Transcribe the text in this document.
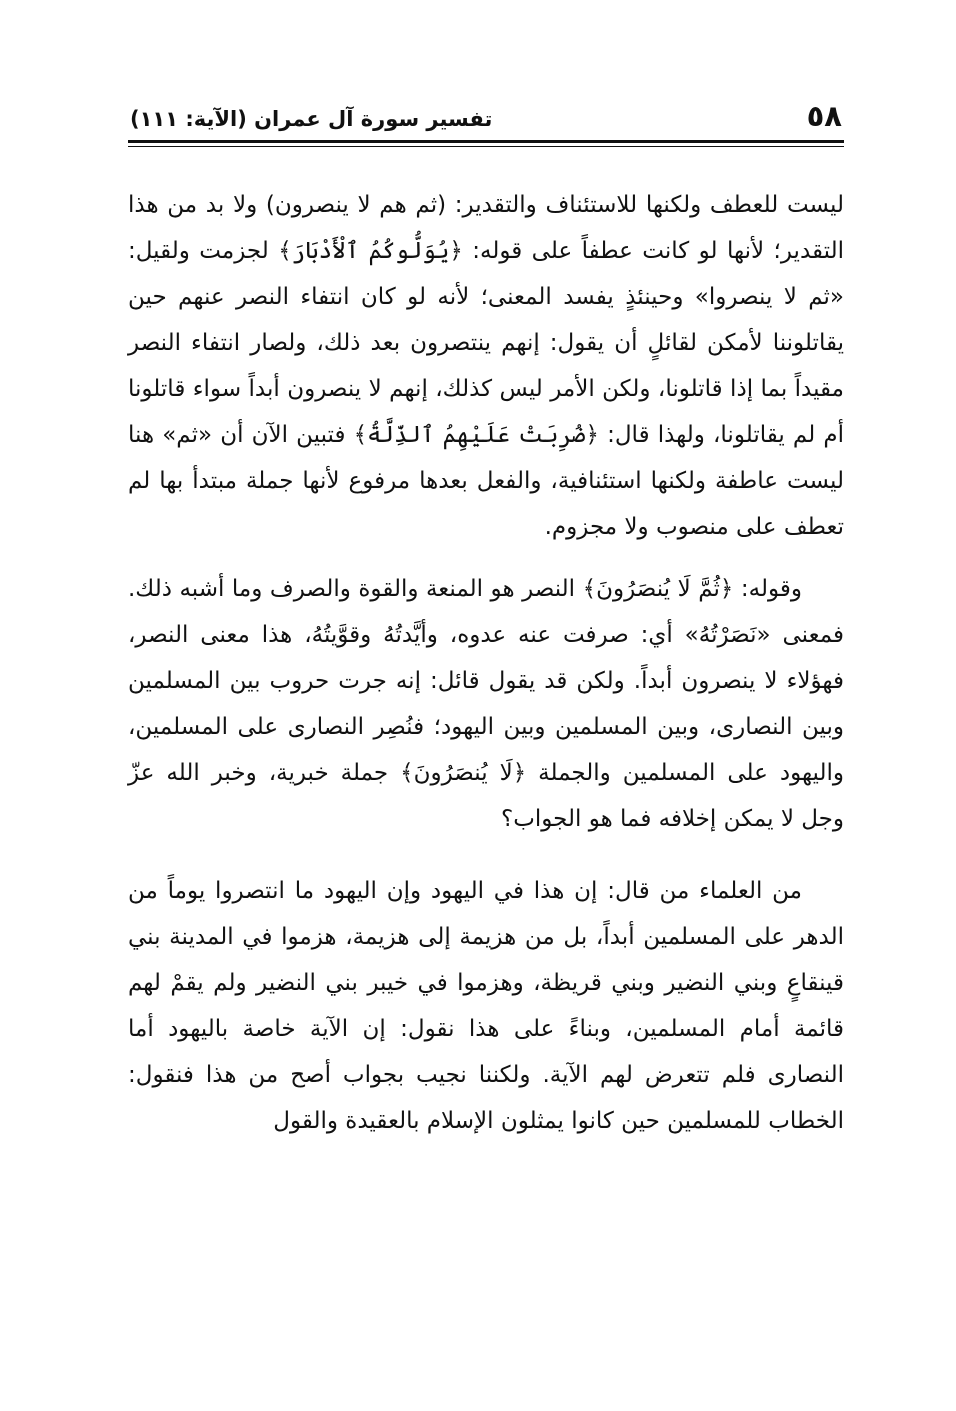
٥٨
تفسير سورة آل عمران (الآية: ١١١)

ليست للعطف ولكنها للاستئناف والتقدير: (ثم هم لا ينصرون) ولا بد من هذا التقدير؛ لأنها لو كانت عطفاً على قوله: ﴿يُوَلُّوكُمُ ٱلْأَدْبَارَ﴾ لجزمت ولقيل: «ثم لا ينصروا» وحينئذٍ يفسد المعنى؛ لأنه لو كان انتفاء النصر عنهم حين يقاتلوننا لأمكن لقائلٍ أن يقول: إنهم ينتصرون بعد ذلك، ولصار انتفاء النصر مقيداً بما إذا قاتلونا، ولكن الأمر ليس كذلك، إنهم لا ينصرون أبداً سواء قاتلونا أم لم يقاتلونا، ولهذا قال: ﴿ضُرِبَتْ عَلَيْهِمُ ٱلذِّلَّةُ﴾ فتبين الآن أن «ثم» هنا ليست عاطفة ولكنها استئنافية، والفعل بعدها مرفوع لأنها جملة مبتدأ بها لم تعطف على منصوب ولا مجزوم.

وقوله: ﴿ثُمَّ لَا يُنصَرُونَ﴾ النصر هو المنعة والقوة والصرف وما أشبه ذلك. فمعنى «نَصَرْتُهُ» أي: صرفت عنه عدوه، وأيَّدتُهُ وقوَّيتُهُ، هذا معنى النصر، فهؤلاء لا ينصرون أبداً. ولكن قد يقول قائل: إنه جرت حروب بين المسلمين وبين النصارى، وبين المسلمين وبين اليهود؛ فنُصِر النصارى على المسلمين، واليهود على المسلمين والجملة ﴿لَا يُنصَرُونَ﴾ جملة خبرية، وخبر الله عزّ وجل لا يمكن إخلافه فما هو الجواب؟

من العلماء من قال: إن هذا في اليهود وإن اليهود ما انتصروا يوماً من الدهر على المسلمين أبداً، بل من هزيمة إلى هزيمة، هزموا في المدينة بني قينقاعٍ وبني النضير وبني قريظة، وهزموا في خيبر بني النضير ولم يقمْ لهم قائمة أمام المسلمين، وبناءً على هذا نقول: إن الآية خاصة باليهود أما النصارى فلم تتعرض لهم الآية. ولكننا نجيب بجواب أصح من هذا فنقول: الخطاب للمسلمين حين كانوا يمثلون الإسلام بالعقيدة والقول
